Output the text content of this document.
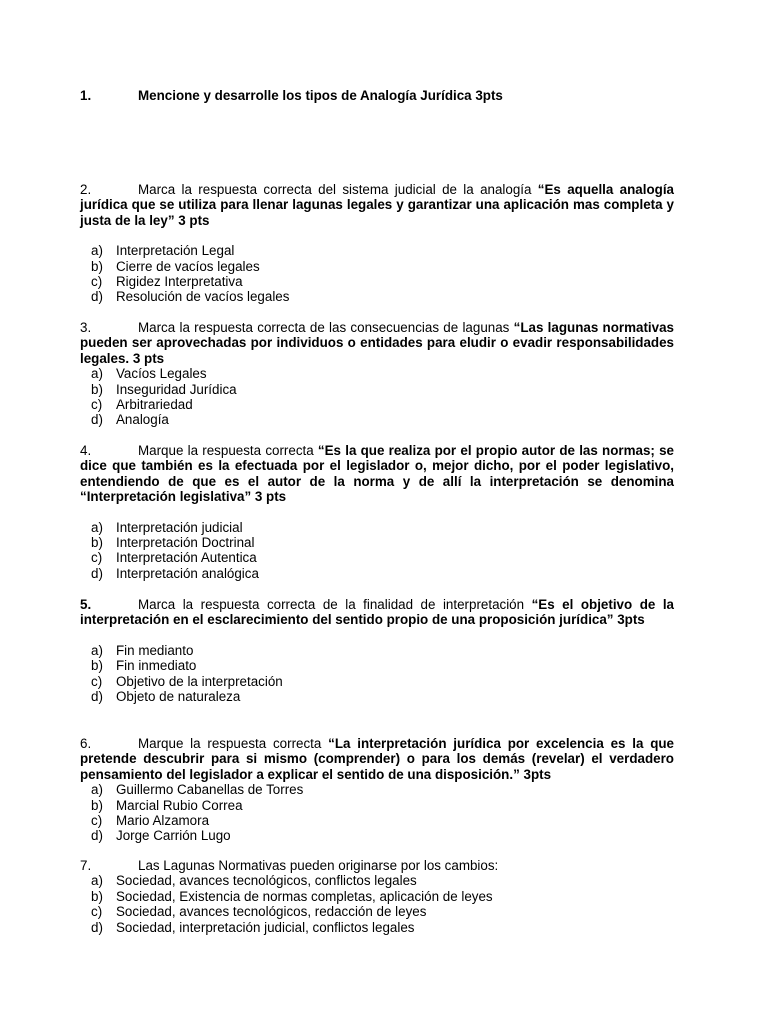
1.	Mencione y desarrolle los tipos de Analogía Jurídica 3pts
2.	Marca la respuesta correcta del sistema judicial de la analogía “Es aquella analogía jurídica que se utiliza para llenar lagunas legales y garantizar una aplicación mas completa y justa de la ley” 3 pts
a) Interpretación Legal
b) Cierre de vacíos legales
c) Rigidez Interpretativa
d) Resolución de vacíos legales
3.	Marca la respuesta correcta de las consecuencias de lagunas “Las lagunas normativas pueden ser aprovechadas por individuos o entidades para eludir o evadir responsabilidades legales. 3 pts
a) Vacíos Legales
b) Inseguridad Jurídica
c) Arbitrariedad
d) Analogía
4.	Marque la respuesta correcta “Es la que realiza por el propio autor de las normas; se dice que también es la efectuada por el legislador o, mejor dicho, por el poder legislativo, entendiendo de que es el autor de la norma y de allí la interpretación se denomina “Interpretación legislativa” 3 pts
a) Interpretación judicial
b) Interpretación Doctrinal
c) Interpretación Autentica
d) Interpretación analógica
5.	Marca la respuesta correcta de la finalidad de interpretación “Es el objetivo de la interpretación en el esclarecimiento del sentido propio de una proposición jurídica” 3pts
a) Fin mediantо
b) Fin inmediato
c) Objetivo de la interpretación
d) Objeto de naturaleza
6.	Marque la respuesta correcta “La interpretación jurídica por excelencia es la que pretende descubrir para si mismo (comprender) o para los demás (revelar) el verdadero pensamiento del legislador a explicar el sentido de una disposición.” 3pts
a) Guillermo Cabanellas de Torres
b) Marcial Rubio Correa
c) Mario Alzamora
d) Jorge Carrión Lugo
7.	Las Lagunas Normativas pueden originarse por los cambios:
a) Sociedad, avances tecnológicos, conflictos legales
b) Sociedad, Existencia de normas completas, aplicación de leyes
c) Sociedad, avances tecnológicos, redacción de leyes
d) Sociedad, interpretación judicial, conflictos legales
